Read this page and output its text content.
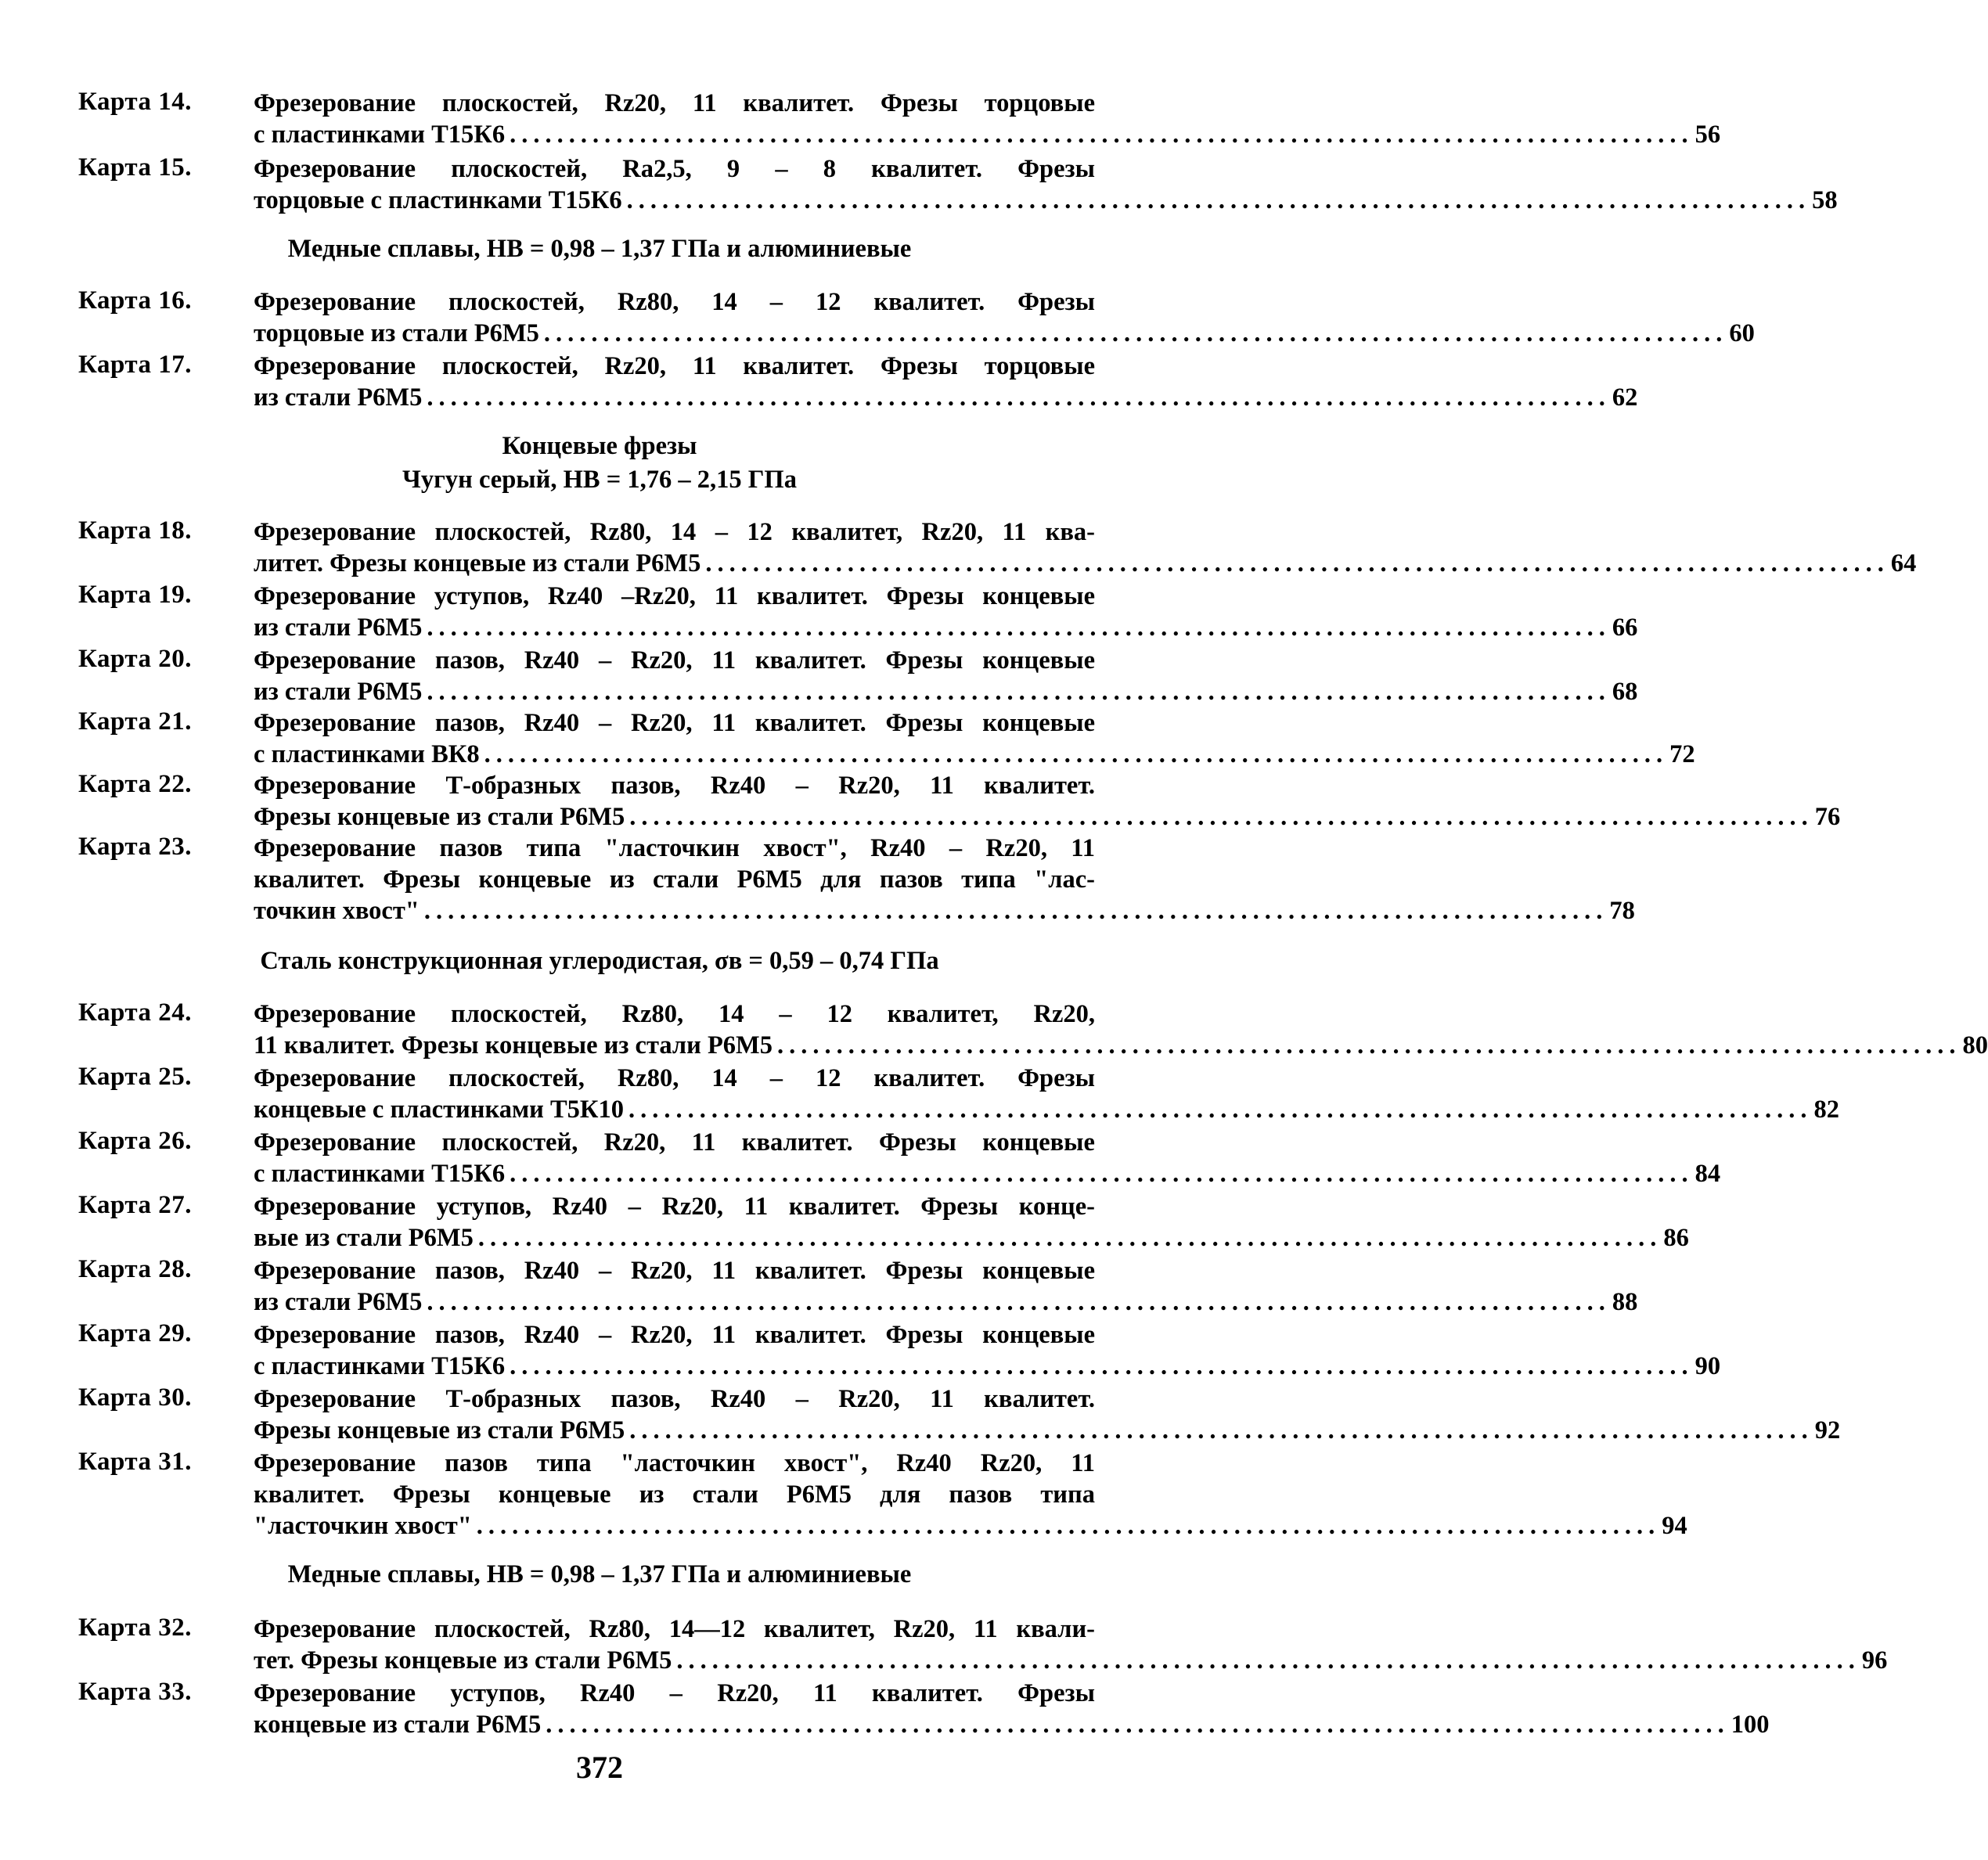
Карта 14. Фрезерование плоскостей, Rz20, 11 квалитет. Фрезы торцовые
с пластинками Т15К6 .................................................................................................... 56
Карта 15. Фрезерование плоскостей, Ra2,5, 9 – 8 квалитет. Фрезы
торцовые с пластинками Т15К6 .................................................................................................... 58
Медные сплавы, НВ = 0,98 – 1,37 ГПа и алюминиевые
Карта 16. Фрезерование плоскостей, Rz80, 14 – 12 квалитет. Фрезы
торцовые из стали Р6М5 .................................................................................................... 60
Карта 17. Фрезерование плоскостей, Rz20, 11 квалитет. Фрезы торцовые
из стали Р6М5 .................................................................................................... 62
Концевые фрезы
Чугун серый, НВ = 1,76 – 2,15 ГПа
Карта 18. Фрезерование плоскостей, Rz80, 14 – 12 квалитет, Rz20, 11 ква-
литет. Фрезы концевые из стали Р6М5 .................................................................................................... 64
Карта 19. Фрезерование уступов, Rz40 –Rz20, 11 квалитет. Фрезы концевые
из стали Р6М5 .................................................................................................... 66
Карта 20. Фрезерование пазов, Rz40 – Rz20, 11 квалитет. Фрезы концевые
из стали Р6М5 .................................................................................................... 68
Карта 21. Фрезерование пазов, Rz40 – Rz20, 11 квалитет. Фрезы концевые
с пластинками ВК8 .................................................................................................... 72
Карта 22. Фрезерование Т-образных пазов, Rz40 – Rz20, 11 квалитет.
Фрезы концевые из стали Р6М5 .................................................................................................... 76
Карта 23. Фрезерование пазов типа "ласточкин хвост", Rz40 – Rz20, 11
квалитет. Фрезы концевые из стали Р6М5 для пазов типа "лас-
точкин хвост" .................................................................................................... 78
Сталь конструкционная углеродистая, σв = 0,59 – 0,74 ГПа
Карта 24. Фрезерование плоскостей, Rz80, 14 – 12 квалитет, Rz20,
11 квалитет. Фрезы концевые из стали Р6М5 .................................................................................................... 80
Карта 25. Фрезерование плоскостей, Rz80, 14 – 12 квалитет. Фрезы
концевые с пластинками Т5К10 .................................................................................................... 82
Карта 26. Фрезерование плоскостей, Rz20, 11 квалитет. Фрезы концевые
с пластинками Т15К6 .................................................................................................... 84
Карта 27. Фрезерование уступов, Rz40 – Rz20, 11 квалитет. Фрезы конце-
вые из стали Р6М5 .................................................................................................... 86
Карта 28. Фрезерование пазов, Rz40 – Rz20, 11 квалитет. Фрезы концевые
из стали Р6М5 .................................................................................................... 88
Карта 29. Фрезерование пазов, Rz40 – Rz20, 11 квалитет. Фрезы концевые
с пластинками Т15К6 .................................................................................................... 90
Карта 30. Фрезерование Т-образных пазов, Rz40 – Rz20, 11 квалитет.
Фрезы концевые из стали Р6М5 .................................................................................................... 92
Карта 31. Фрезерование пазов типа "ласточкин хвост", Rz40 Rz20, 11
квалитет. Фрезы концевые из стали Р6М5 для пазов типа
"ласточкин хвост" .................................................................................................... 94
Медные сплавы, НВ = 0,98 – 1,37 ГПа и алюминиевые
Карта 32. Фрезерование плоскостей, Rz80, 14—12 квалитет, Rz20, 11 квали-
тет. Фрезы концевые из стали Р6М5 .................................................................................................... 96
Карта 33. Фрезерование уступов, Rz40 – Rz20, 11 квалитет. Фрезы
концевые из стали Р6М5 .................................................................................................... 100
372
